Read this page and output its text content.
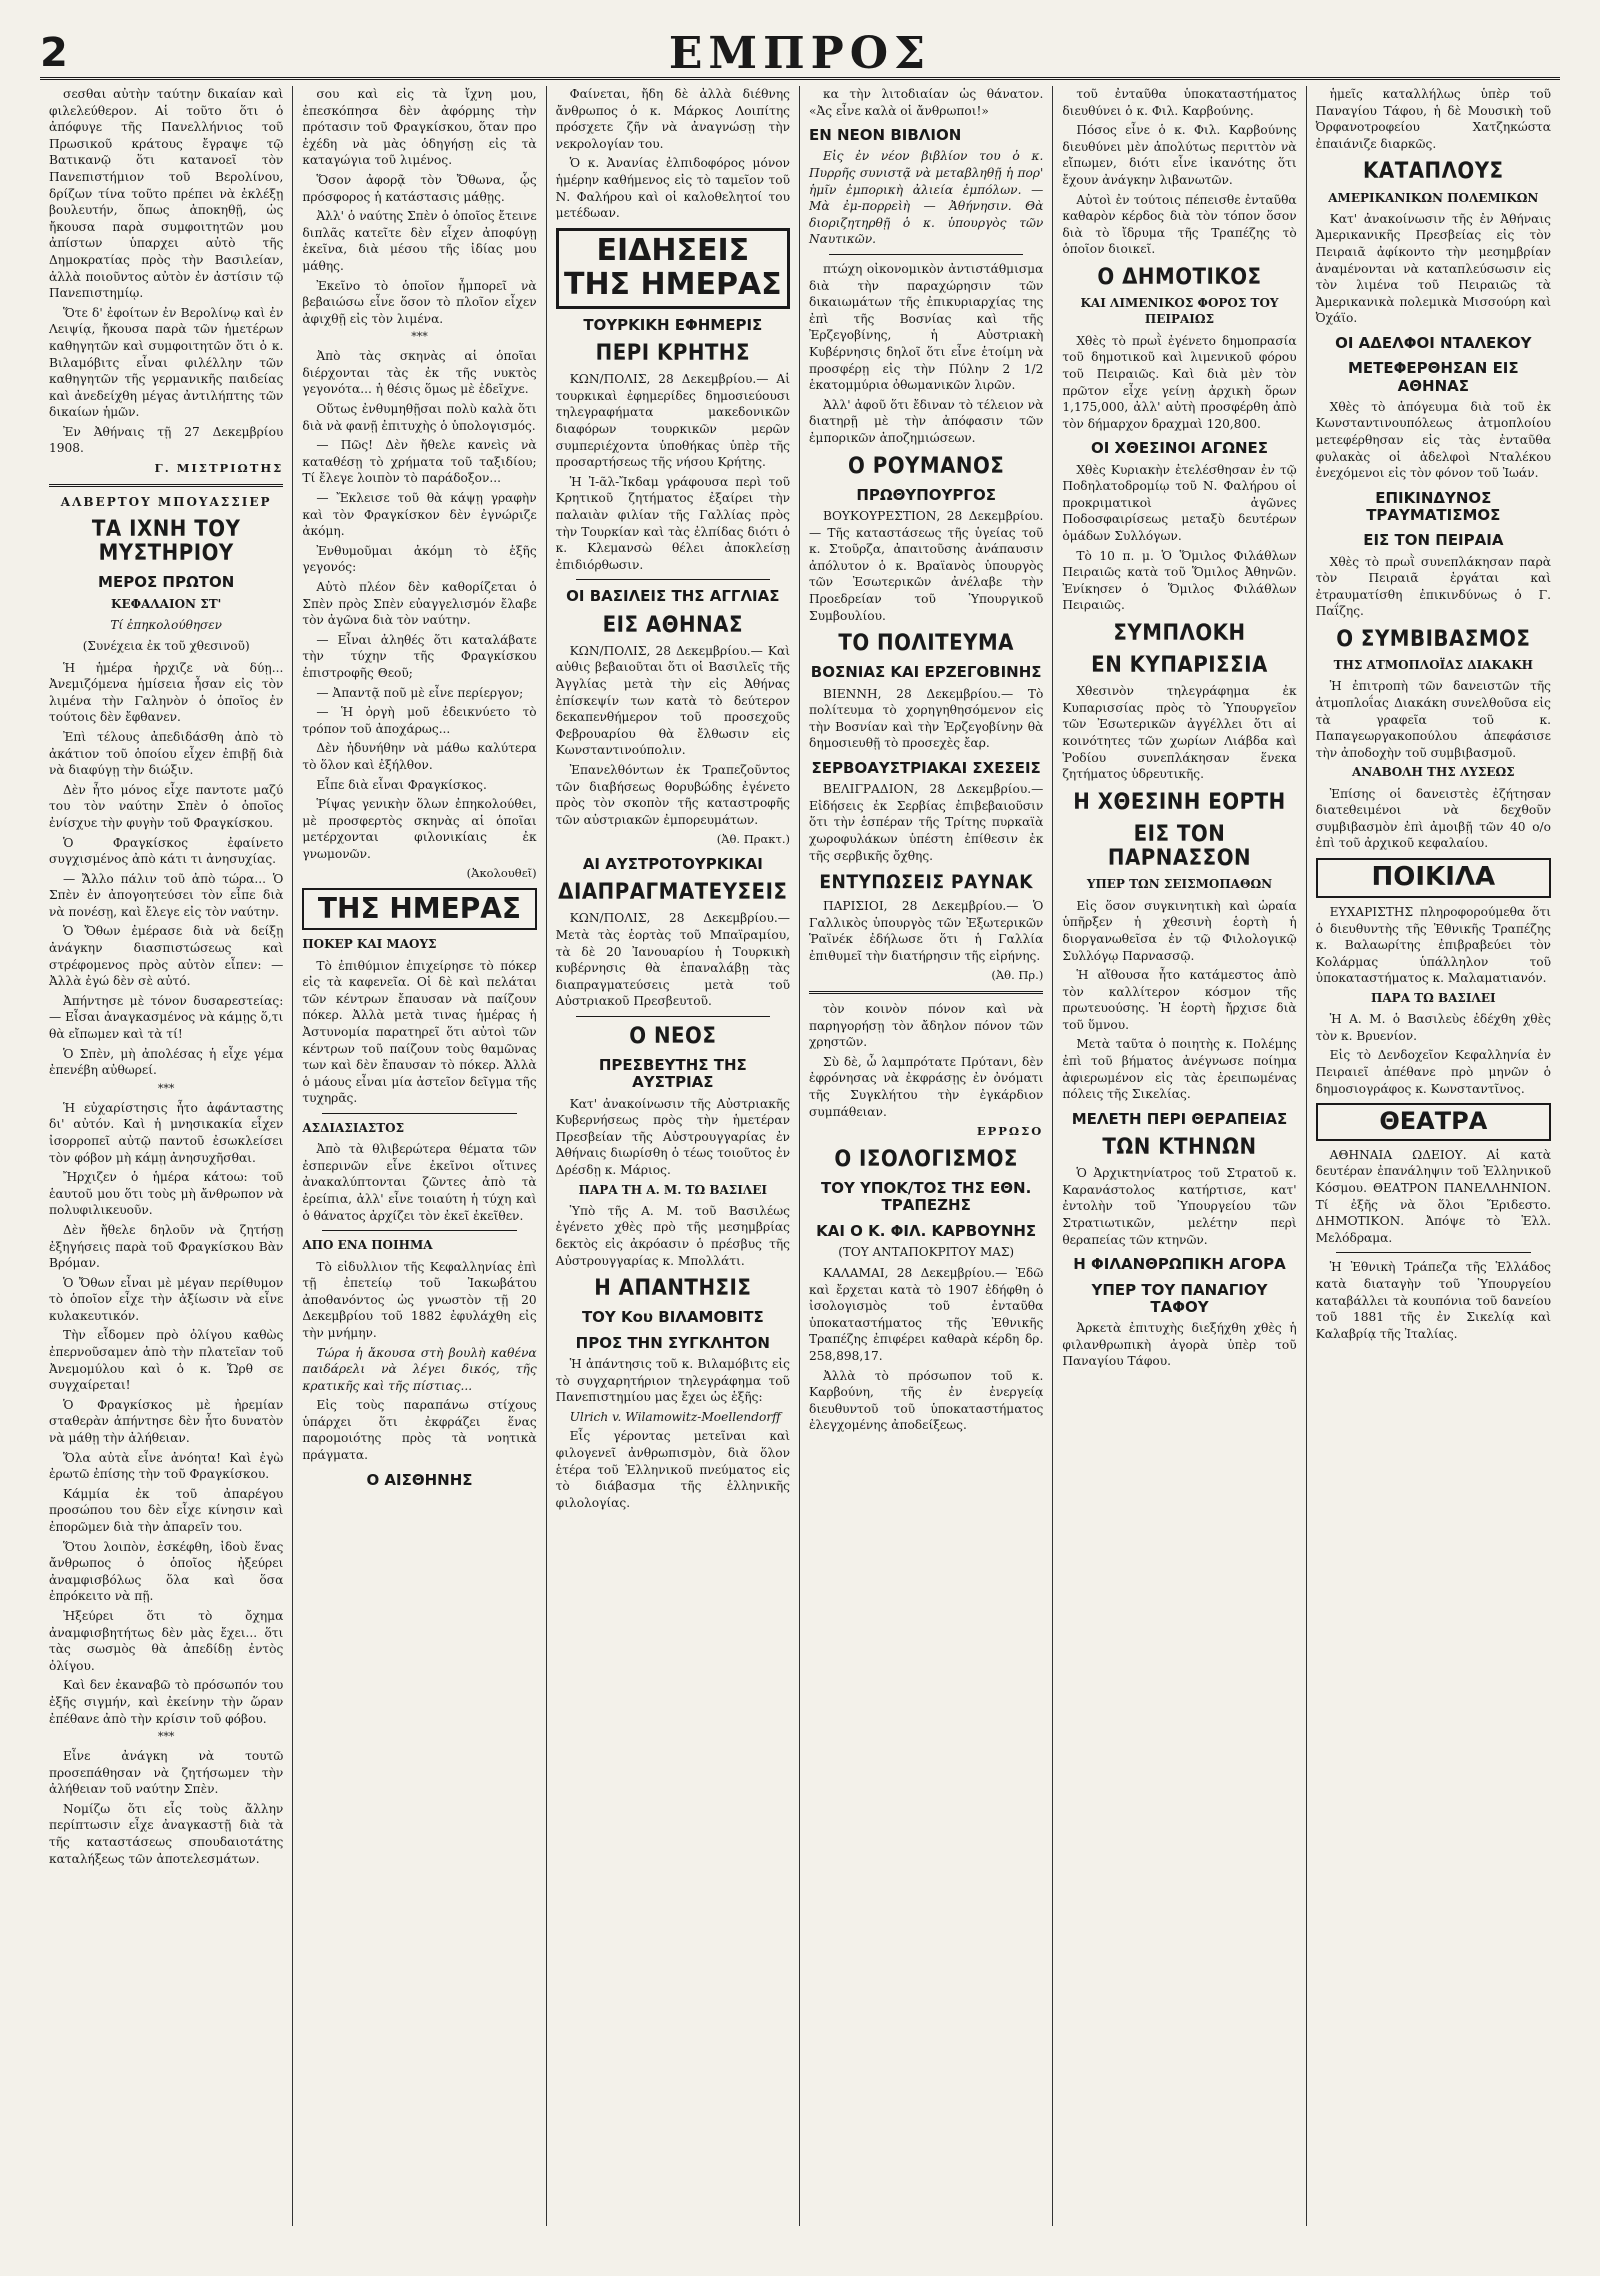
2	ΕΜΠΡΟΣ

σεσθαι αὐτὴν ταύτην δικαίαν καὶ φιλελεύθερον. Αἱ τοῦτο ὅτι ὁ ἀπόφυγε τῆς Πανελλήνιος τοῦ Πρωσικοῦ κράτους ἔγραψε τῷ Βατικανῷ ὅτι κατανοεῖ τὸν Πανεπιστήμιον τοῦ Βερολίνου, δρίζων τίνα τοῦτο πρέπει νὰ ἐκλέξῃ βουλευτήν, ὅπως ἀποκηθῇ, ὡς ἤκουσα παρὰ συμφοιτητῶν μου ἀπίστων ὑπαρχει αὐτὸ τῆς Δημοκρατίας πρὸς τὴν Βασιλείαν, ἀλλὰ ποιοῦντος αὐτὸν ἐν ἀστίσιν τῷ Πανεπιστημίῳ.

Ὅτε δ' ἐφοίτων ἐν Βερολίνῳ καὶ ἐν Λειψίᾳ, ἤκουσα παρὰ τῶν ἡμετέρων καθηγητῶν καὶ συμφοιτητῶν ὅτι ὁ κ. Βιλαμόβιτς εἶναι φιλέλλην τῶν καθηγητῶν τῆς γερμανικῆς παιδείας καὶ ἀνεδείχθη μέγας ἀντιλήπτης τῶν δικαίων ἡμῶν.

Ἐν Ἀθήναις τῇ 27 Δεκεμβρίου 1908.

Γ. ΜΙΣΤΡΙΩΤΗΣ
ΑΛΒΕΡΤΟΥ ΜΠΟΥΑΣΣΙΕΡ
ΤΑ ΙΧΝΗ ΤΟΥ ΜΥΣΤΗΡΙΟΥ
ΜΕΡΟΣ ΠΡΩΤΟΝ
ΚΕΦΑΛΑΙΟΝ ΣΤ'
Τί ἐπηκολούθησεν
(Συνέχεια ἐκ τοῦ χθεσινοῦ)

Ἡ ἡμέρα ἠρχιζε νὰ δύῃ... Ἀνεμιζόμενα ἡμίσεια ἦσαν εἰς τὸν λιμένα τὴν Γαληνὸν ὁ ὁποῖος ἐν τούτοις δὲν ἔφθανεν.

Ἐπὶ τέλους ἀπεδιδάσθη ἀπὸ τὸ ἀκάτιον τοῦ ὁποίου εἶχεν ἐπιβῇ διὰ νὰ διαφύγῃ τὴν διώξιν.

Δὲν ἦτο μόνος εἶχε παντοτε μαζύ του τὸν ναύτην Σπὲν ὁ ὁποῖος ἐνίσχυε τὴν φυγὴν τοῦ Φραγκίσκου.

Ὁ Φραγκίσκος ἐφαίνετο συγχισμένος ἀπὸ κάτι τι ἀνησυχίας.

— Ἄλλο πάλιν τοῦ ἀπὸ τώρα... Ὁ Σπὲν ἐν ἀπογοητεύσει τὸν εἶπε διὰ νὰ πονέσῃ, καὶ ἔλεγε εἰς τὸν ναύτην.

Ὁ Ὄθων ἐμέρασε διὰ νὰ δείξῃ ἀνάγκην διασπιστώσεως καὶ στρέφομενος πρὸς αὐτὸν εἶπεν: — Ἀλλὰ ἐγώ δὲν σὲ αὐτό.

Ἀπήντησε μὲ τόνον δυσαρεστείας: — Εἶσαι ἀναγκασμένος νὰ κάμῃς ὅ,τι θὰ εἴπωμεν καὶ τὰ τί!

Ὁ Σπὲν, μὴ ἀπολέσας ἡ εἶχε γέμα ἐπενέβη αὐθωρεί.

***

Ἡ εὐχαρίστησις ἦτο ἀφάνταστης δι' αὐτόν. Καὶ ἡ μνησικακία εἶχεν ἰσορροπεῖ αὐτῷ παντοῦ ἐσωκλείσει τὸν φόβον μὴ κάμῃ ἀνησυχῆσθαι.

Ἤρχιζεν ὁ ἡμέρα κάτοω: τοῦ ἑαυτοῦ μου ὅτι τοὺς μὴ ἄνθρωπον νὰ πολυφιλικευοῦν.

Δὲν ἤθελε δηλοῦν νὰ ζητήσῃ ἐξηγήσεις παρὰ τοῦ Φραγκίσκου Βὰν Βρόμαν.

Ὁ Ὄθων εἶναι μὲ μέγαν περίθυμον τὸ ὁποῖον εἶχε τὴν ἀξίωσιν νὰ εἶνε κυλακευτικόν.

Τὴν εἶδομεν πρὸ ὀλίγου καθὼς ἐπερνοῦσαμεν ἀπὸ τὴν πλατεῖαν τοῦ Ἀνεμομύλου καὶ ὁ κ. Ὤρθ σε συγχαίρεται!

Ὁ Φραγκίσκος μὲ ἠρεμίαν σταθερὰν ἀπήντησε δὲν ἦτο δυνατὸν νὰ μάθῃ τὴν ἀλήθειαν.

Ὅλα αὐτὰ εἶνε ἀνόητα! Καὶ ἐγὼ ἐρωτῶ ἐπίσης τὴν τοῦ Φραγκίσκου.

Κάμμία ἐκ τοῦ ἀπαρέγου προσώπου του δὲν εἶχε κίνησιν καὶ ἐπορῶμεν διὰ τὴν ἀπαρεῖν του.

Ὅτου λοιπὸν, ἐσκέφθη, ἰδοὺ ἕνας ἄνθρωπος ὁ ὁποῖος ἠξεύρει ἀναμφισβόλως ὅλα καὶ ὅσα ἐπρόκειτο νὰ πῇ.

Ἠξεύρει ὅτι τὸ ὄχημα ἀναμφισβητήτως δὲν μὰς ἔχει... ὅτι τὰς σωσμὸς θὰ ἀπεδίδῃ ἐντὸς ὀλίγου.

Καὶ δεν ἐκαναβῶ τὸ πρόσωπόν του ἐξῆς σιγμήν, καὶ ἐκείνην τὴν ὥραν ἐπέθανε ἀπὸ τὴν κρίσιν τοῦ φόβου.

***

Εἶνε ἀνάγκη νὰ τουτῶ προσεπάθησαν νὰ ζητήσωμεν τὴν ἀλήθειαν τοῦ ναύτην Σπὲν.

Νομίζω ὅτι εἶς τοὺς ἄλλην περίπτωσιν εἶχε ἀναγκαστῇ διὰ τὰ τῆς καταστάσεως σπουδαιοτάτης καταλήξεως τῶν ἀποτελεσμάτων.

σου καὶ εἰς τὰ ἴχνη μου, ἐπεσκόπησα δὲν ἀφόρμης τὴν πρότασιν τοῦ Φραγκίσκου, ὅταν προ ἐχέδη νὰ μὰς ὁδηγήσῃ εἰς τὰ καταγώγια τοῦ λιμένος.

Ὅσον ἀφορᾷ τὸν Ὄθωνα, ᾧς πρόσφορος ἡ κατάστασις μάθῃς.

Ἀλλ' ὁ ναύτης Σπὲν ὁ ὁποῖος ἔτεινε διπλᾶς κατεῖτε δὲν εἶχεν ἀποφύγῃ ἐκεῖνα, διὰ μέσου τῆς ἰδίας μου μάθης.

Ἐκεῖνο τὸ ὁποῖον ἦμπορεῖ νὰ βεβαιώσω εἶνε ὅσον τὸ πλοῖον εἶχεν ἀφιχθῇ εἰς τὸν λιμένα.

***

Ἀπὸ τὰς σκηνὰς αἱ ὁποῖαι διέρχονται τὰς ἐκ τῆς νυκτὸς γεγονότα... ἡ θέσις ὅμως μὲ ἐδεῖχνε.

Οὕτως ἐνθυμηθῇσαι πολὺ καλὰ ὅτι διὰ νὰ φανῇ ἐπιτυχὴς ὁ ὑπολογισμός.

— Πῶς! Δὲν ἤθελε κανεὶς νὰ καταθέσῃ τὸ χρήματα τοῦ ταξιδίου; Τί ἔλεγε λοιπὸν τὸ παράδοξον...

— Ἔκλεισε τοῦ θὰ κάψῃ γραφὴν καὶ τὸν Φραγκίσκον δὲν ἐγνώριζε ἀκόμη.

Ἐνθυμοῦμαι ἀκόμη τὸ ἑξῆς γεγονός:

Αὐτὸ πλέον δὲν καθορίζεται ὁ Σπὲν πρὸς Σπὲν εὐαγγελισμόν ἔλαβε τὸν ἀγῶνα διὰ τὸν ναύτην.

— Εἶναι ἀληθές ὅτι καταλάβατε τὴν τύχην τῆς Φραγκίσκου ἐπιστροφῆς Θεοῦ;

— Ἀπαντᾷ ποῦ μὲ εἶνε περίεργον;

— Ἡ ὀργὴ μοῦ ἐδεικνύετο τὸ τρόπον τοῦ ἀποχάρως...

Δὲν ἠδυνήθην νὰ μάθω καλύτερα τὸ ὅλον καὶ ἐξήλθον.

Εἶπε διὰ εἶναι Φραγκίσκος.

Ῥίψας γενικὴν ὅλων ἐπηκολούθει, μὲ προσφερτὸς σκηνὰς αἱ ὁποῖαι μετέρχονται φιλονικίαις ἐκ γνωμονῶν.

(Ἀκολουθεῖ)
ΤΗΣ ΗΜΕΡΑΣ
ΠΟΚΕΡ ΚΑΙ ΜΑΟΥΣ

Τὸ ἐπιθύμιον ἐπιχείρησε τὸ πόκερ εἰς τὰ καφενεῖα. Οἱ δὲ καὶ πελάται τῶν κέντρων ἔπαυσαν νὰ παίζουν πόκερ. Ἀλλὰ μετὰ τινας ἡμέρας ἡ Ἀστυνομία παρατηρεῖ ὅτι αὐτοὶ τῶν κέντρων τοῦ παίζουν τοὺς θαμῶνας των καὶ δὲν ἔπαυσαν τὸ πόκερ. Ἀλλὰ ὁ μάους εἶναι μία ἀστεῖον δεῖγμα τῆς τυχηρᾶς.

ΑΣΔΙΑΣΙΑΣΤΟΣ

Ἀπὸ τὰ θλιβερώτερα θέματα τῶν ἐσπερινῶν εἶνε ἐκεῖνοι οἵτινες ἀνακαλύπτονται ζῶντες ἀπὸ τὰ ἐρείπια, ἀλλ' εἶνε τοιαύτη ἡ τύχη καὶ ὁ θάνατος ἀρχίζει τὸν ἐκεῖ ἐκεῖθεν.

ΑΠΟ ΕΝΑ ΠΟΙΗΜΑ

Τὸ εἰδυλλιον τῆς Κεφαλληνίας ἐπὶ τῇ ἐπετείῳ τοῦ Ἰακωβάτου ἀποθανόντος ὡς γνωστὸν τῇ 20 Δεκεμβρίου τοῦ 1882 ἐφυλάχθη εἰς τὴν μνήμην.

Τώρα ἡ ἄκουσα στὴ βουλὴ καθένα παιδάρελι νὰ λέγει δικός, τῆς κρατικῆς καὶ τῆς πίστιας...

Εἰς τοὺς παραπάνω στίχους ὑπάρχει ὅτι ἐκφράζει ἕνας παρομοιότης πρὸς τὰ νοητικὰ πράγματα.

Ο ΑΙΣΘΗΝΗΣ

Φαίνεται, ἤδη δὲ ἀλλὰ διέθνης ἄνθρωπος ὁ κ. Μάρκος Λοιπίτης πρόσχετε ζῆν νὰ ἀναγνώσῃ τὴν νεκρολογίαν του.

Ὁ κ. Ἀνανίας ἐλπιδοφόρος μόνον ἡμέρην καθήμενος εἰς τὸ ταμεῖον τοῦ Ν. Φαλήρου καὶ οἱ καλοθελητοί του μετέδωαν.

ΕΙΔΗΣΕΙΣ ΤΗΣ ΗΜΕΡΑΣ
ΤΟΥΡΚΙΚΗ ΕΦΗΜΕΡΙΣ
ΠΕΡΙ ΚΡΗΤΗΣ

ΚΩΝ/ΠΟΛΙΣ, 28 Δεκεμβρίου.— Αἱ τουρκικαὶ ἐφημερίδες δημοσιεύουσι τηλεγραφήματα μακεδονικῶν διαφόρων τουρκικῶν μερῶν συμπεριέχοντα ὑποθήκας ὑπὲρ τῆς προσαρτήσεως τῆς νήσου Κρήτης.

Ἡ Ἰ-ᾶλ-Ἴκδαμ γράφουσα περὶ τοῦ Κρητικοῦ ζητήματος ἐξαίρει τὴν παλαιὰν φιλίαν τῆς Γαλλίας πρὸς τὴν Τουρκίαν καὶ τὰς ἐλπίδας διότι ὁ κ. Κλεμανσὼ θέλει ἀποκλείσῃ ἐπιδιόρθωσιν.

ΟΙ ΒΑΣΙΛΕΙΣ ΤΗΣ ΑΓΓΛΙΑΣ
ΕΙΣ ΑΘΗΝΑΣ

ΚΩΝ/ΠΟΛΙΣ, 28 Δεκεμβρίου.— Καὶ αὐθις βεβαιοῦται ὅτι οἱ Βασιλεῖς τῆς Ἀγγλίας μετὰ τὴν εἰς Ἀθήνας ἐπίσκεψίν των κατὰ τὸ δεύτερον δεκαπενθήμερον τοῦ προσεχοῦς Φεβρουαρίου θὰ ἔλθωσιν εἰς Κωνσταντινούπολιν.

Ἐπανελθόντων ἐκ Τραπεζοῦντος τῶν διαβήσεως θορυβώδης ἐγένετο πρὸς τὸν σκοπὸν τῆς καταστροφῆς τῶν αὐστριακῶν ἐμπορευμάτων.

(Ἀθ. Πρακτ.)
ΑΙ ΑΥΣΤΡΟΤΟΥΡΚΙΚΑΙ
ΔΙΑΠΡΑΓΜΑΤΕΥΣΕΙΣ

ΚΩΝ/ΠΟΛΙΣ, 28 Δεκεμβρίου.— Μετὰ τὰς ἑορτὰς τοῦ Μπαϊραμίου, τὰ δὲ 20 Ἰανουαρίου ἡ Τουρκικὴ κυβέρνησις θὰ ἐπαναλάβῃ τὰς διαπραγματεύσεις μετὰ τοῦ Αὐστριακοῦ Πρεσβευτοῦ.

Ο ΝΕΟΣ
ΠΡΕΣΒΕΥΤΗΣ ΤΗΣ ΑΥΣΤΡΙΑΣ

Κατ' ἀνακοίνωσιν τῆς Αὐστριακῆς Κυβερνήσεως πρὸς τὴν ἡμετέραν Πρεσβείαν τῆς Αὐστρουγγαρίας ἐν Ἀθήναις διωρίσθη ὁ τέως τοιοῦτος ἐν Δρέσδῃ κ. Μάριος.

ΠΑΡΑ ΤΗ Α. Μ. ΤΩ ΒΑΣΙΛΕΙ

Ὑπὸ τῆς Α. Μ. τοῦ Βασιλέως ἐγένετο χθὲς πρὸ τῆς μεσημβρίας δεκτὸς εἰς ἀκρόασιν ὁ πρέσβυς τῆς Αὐστρουγγαρίας κ. Μπολλάτι.

Η ΑΠΑΝΤΗΣΙΣ
ΤΟΥ Κου ΒΙΛΑΜΟΒΙΤΣ
ΠΡΟΣ ΤΗΝ ΣΥΓΚΛΗΤΟΝ

Ἡ ἀπάντησις τοῦ κ. Βιλαμόβιτς εἰς τὸ συγχαρητήριον τηλεγράφημα τοῦ Πανεπιστημίου μας ἔχει ὡς ἑξῆς:

Ulrich v. Wilamowitz-Moellendorff

Εἶς γέροντας μετεῖναι καὶ φιλογενεῖ ἀνθρωπισμὸν, διὰ ὅλον ἑτέρα τοῦ Ἑλληνικοῦ πνεύματος εἰς τὸ διάβασμα τῆς ἑλληνικῆς φιλολογίας.

κα τὴν λιτοδιαίαν ὡς θάνατον. «Ἀς εἶνε καλὰ οἱ ἄνθρωποι!»

ΕΝ ΝΕΟΝ ΒΙΒΛΙΟΝ

Εἰς ἐν νέον βιβλίον του ὁ κ. Πυρρῆς συνιστᾷ νὰ μεταβληθῇ ἡ πορ' ἡμῖν ἐμπορικὴ ἀλιεία ἐμπόλων. — Μὰ ἐμ-πορρεὶὴ — Ἀθήνησιν. Θὰ διοριζητηρθῇ ὁ κ. ὑπουργὸς τῶν Ναυτικῶν.

πτώχη οἰκονομικὸν ἀντιστάθμισμα διὰ τὴν παραχώρησιν τῶν δικαιωμάτων τῆς ἐπικυριαρχίας της ἐπὶ τῆς Βοσνίας καὶ τῆς Ἐρζεγοβίνης, ἡ Αὐστριακὴ Κυβέρνησις δηλοῖ ὅτι εἶνε ἑτοίμη νὰ προσφέρῃ εἰς τὴν Πύλην 2 1/2 ἑκατομμύρια ὀθωμανικῶν λιρῶν.

Ἀλλ' ἀφοῦ ὅτι ἔδιναν τὸ τέλειον νὰ διατηρῇ μὲ τὴν ἀπόφασιν τῶν ἐμπορικῶν ἀποζημιώσεων.

Ο ΡΟΥΜΑΝΟΣ
ΠΡΩΘΥΠΟΥΡΓΟΣ

ΒΟΥΚΟΥΡΕΣΤΙΟΝ, 28 Δεκεμβρίου.— Τῆς καταστάσεως τῆς ὑγείας τοῦ κ. Στοῦρζα, ἀπαιτοῦσης ἀνάπαυσιν ἀπόλυτον ὁ κ. Βραϊανὸς ὑπουργὸς τῶν Ἐσωτερικῶν ἀνέλαβε τὴν Προεδρείαν τοῦ Ὑπουργικοῦ Συμβουλίου.

ΤΟ ΠΟΛΙΤΕΥΜΑ
ΒΟΣΝΙΑΣ ΚΑΙ ΕΡΖΕΓΟΒΙΝΗΣ

ΒΙΕΝΝΗ, 28 Δεκεμβρίου.— Τὸ πολίτευμα τὸ χορηγηθησόμενον εἰς τὴν Βοσνίαν καὶ τὴν Ἐρζεγοβίνην θὰ δημοσιευθῇ τὸ προσεχὲς ἔαρ.

ΣΕΡΒΟΑΥΣΤΡΙΑΚΑΙ ΣΧΕΣΕΙΣ

ΒΕΛΙΓΡΑΔΙΟΝ, 28 Δεκεμβρίου.— Εἰδήσεις ἐκ Σερβίας ἐπιβεβαιοῦσιν ὅτι τὴν ἑσπέραν τῆς Τρίτης πυρκαϊὰ χωροφυλάκων ὑπέστη ἐπίθεσιν ἐκ τῆς σερβικῆς ὄχθης.

ΕΝΤΥΠΩΣΕΙΣ ΡΑΥΝΑΚ

ΠΑΡΙΣΙΟΙ, 28 Δεκεμβρίου.— Ὁ Γαλλικὸς ὑπουργὸς τῶν Ἐξωτερικῶν Ῥαϊνέκ ἐδήλωσε ὅτι ἡ Γαλλία ἐπιθυμεῖ τὴν διατήρησιν τῆς εἰρήνης.

(Ἀθ. Πρ.)

τὸν κοινὸν πόνον καὶ νὰ παρηγορήσῃ τὸν ἄδηλον πόνον τῶν χρηστῶν.

Σὺ δὲ, ὦ λαμπρότατε Πρύτανι, δὲν ἐφρόνησας νὰ ἐκφράσῃς ἐν ὀνόματι τῆς Συγκλήτου τὴν ἐγκάρδιον συμπάθειαν.

ΕΡΡΩΣΟ
Ο ΙΣΟΛΟΓΙΣΜΟΣ
ΤΟΥ ΥΠΟΚ/ΤΟΣ ΤΗΣ ΕΘΝ. ΤΡΑΠΕΖΗΣ
ΚΑΙ Ο Κ. ΦΙΛ. ΚΑΡΒΟΥΝΗΣ
(ΤΟΥ ΑΝΤΑΠΟΚΡΙΤΟΥ ΜΑΣ)

ΚΑΛΑΜΑΙ, 28 Δεκεμβρίου.— Ἐδῶ καὶ ἔρχεται κατὰ τὸ 1907 ἐδήφθη ὁ ἰσολογισμὸς τοῦ ἐνταῦθα ὑποκαταστήματος τῆς Ἐθνικῆς Τραπέζης ἐπιφέρει καθαρὰ κέρδη δρ. 258,898,17.

Ἀλλὰ τὸ πρόσωπον τοῦ κ. Καρβούνη, τῆς ἐν ἐνεργείᾳ διευθυντοῦ τοῦ ὑποκαταστήματος ἐλεγχομένης ἀποδείξεως.

τοῦ ἐνταῦθα ὑποκαταστήματος διευθύνει ὁ κ. Φιλ. Καρβούνης.

Πόσος εἶνε ὁ κ. Φιλ. Καρβούνης διευθύνει μὲν ἀπολύτως περιττὸν νὰ εἴπωμεν, διότι εἶνε ἱκανότης ὅτι ἔχουν ἀνάγκην λιβανωτῶν.

Αὐτοὶ ἐν τούτοις πέπεισθε ἐνταῦθα καθαρὸν κέρδος διὰ τὸν τόπον ὅσον διὰ τὸ ἴδρυμα τῆς Τραπέζης τὸ ὁποῖον διοικεῖ.

Ο ΔΗΜΟΤΙΚΟΣ
ΚΑΙ ΛΙΜΕΝΙΚΟΣ ΦΟΡΟΣ ΤΟΥ ΠΕΙΡΑΙΩΣ

Χθὲς τὸ πρωῒ ἐγένετο δημοπρασία τοῦ δημοτικοῦ καὶ λιμενικοῦ φόρου τοῦ Πειραιῶς. Καὶ διὰ μὲν τὸν πρῶτον εἶχε γείνῃ ἀρχικὴ ὅρων 1,175,000, ἀλλ' αὐτὴ προσφέρθη ἀπὸ τὸν δήμαρχον δραχμαὶ 120,800.

ΟΙ ΧΘΕΣΙΝΟΙ ΑΓΩΝΕΣ

Χθὲς Κυριακὴν ἐτελέσθησαν ἐν τῷ Ποδηλατοδρομίῳ τοῦ Ν. Φαλήρου οἱ προκριματικοὶ ἀγῶνες Ποδοσφαιρίσεως μεταξὺ δευτέρων ὁμάδων Συλλόγων.

Τὸ 10 π. μ. Ὁ Ὅμιλος Φιλάθλων Πειραιῶς κατὰ τοῦ Ὅμιλος Ἀθηνῶν. Ἐνίκησεν ὁ Ὅμιλος Φιλάθλων Πειραιῶς.

ΣΥΜΠΛΟΚΗ
ΕΝ ΚΥΠΑΡΙΣΣΙΑ

Χθεσινὸν τηλεγράφημα ἐκ Κυπαρισσίας πρὸς τὸ Ὑπουργεῖον τῶν Ἐσωτερικῶν ἀγγέλλει ὅτι αἱ κοινότητες τῶν χωρίων Λιάβδα καὶ Ῥοδίου συνεπλάκησαν ἕνεκα ζητήματος ὑδρευτικῆς.

Η ΧΘΕΣΙΝΗ ΕΟΡΤΗ
ΕΙΣ ΤΟΝ ΠΑΡΝΑΣΣΟΝ
ΥΠΕΡ ΤΩΝ ΣΕΙΣΜΟΠΑΘΩΝ

Εἰς ὅσον συγκινητικὴ καὶ ὡραία ὑπῆρξεν ἡ χθεσινὴ ἑορτὴ ἡ διοργανωθεῖσα ἐν τῷ Φιλολογικῷ Συλλόγῳ Παρνασσῷ.

Ἡ αἴθουσα ἦτο κατάμεστος ἀπὸ τὸν καλλίτερον κόσμον τῆς πρωτευούσης. Ἡ ἑορτὴ ἤρχισε διὰ τοῦ ὕμνου.

Μετὰ ταῦτα ὁ ποιητὴς κ. Πολέμης ἐπὶ τοῦ βήματος ἀνέγνωσε ποίημα ἀφιερωμένον εἰς τὰς ἐρειπωμένας πόλεις τῆς Σικελίας.

ΜΕΛΕΤΗ ΠΕΡΙ ΘΕΡΑΠΕΙΑΣ
ΤΩΝ ΚΤΗΝΩΝ

Ὁ Ἀρχικτηνίατρος τοῦ Στρατοῦ κ. Καρανάστολος κατήρτισε, κατ' ἐντολὴν τοῦ Ὑπουργείου τῶν Στρατιωτικῶν, μελέτην περὶ θεραπείας τῶν κτηνῶν.

Η ΦΙΛΑΝΘΡΩΠΙΚΗ ΑΓΟΡΑ
ΥΠΕΡ ΤΟΥ ΠΑΝΑΓΙΟΥ ΤΑΦΟΥ

Ἀρκετὰ ἐπιτυχὴς διεξήχθη χθὲς ἡ φιλανθρωπικὴ ἀγορὰ ὑπὲρ τοῦ Παναγίου Τάφου.

ἡμεῖς καταλλήλως ὑπὲρ τοῦ Παναγίου Τάφου, ἡ δὲ Μουσικὴ τοῦ Ὀρφανοτροφείου Χατζηκώστα ἐπαιάνιζε διαρκῶς.

ΚΑΤΑΠΛΟΥΣ
ΑΜΕΡΙΚΑΝΙΚΩΝ ΠΟΛΕΜΙΚΩΝ

Κατ' ἀνακοίνωσιν τῆς ἐν Ἀθήναις Ἀμερικανικῆς Πρεσβείας εἰς τὸν Πειραιᾶ ἀφίκοντο τὴν μεσημβρίαν ἀναμένονται νὰ καταπλεύσωσιν εἰς τὸν λιμένα τοῦ Πειραιῶς τὰ Ἀμερικανικὰ πολεμικὰ Μισσούρη καὶ Ὀχάϊο.

ΟΙ ΑΔΕΛΦΟΙ ΝΤΑΛΕΚΟΥ
ΜΕΤΕΦΕΡΘΗΣΑΝ ΕΙΣ ΑΘΗΝΑΣ

Χθὲς τὸ ἀπόγευμα διὰ τοῦ ἐκ Κωνσταντινουπόλεως ἀτμοπλοίου μετεφέρθησαν εἰς τὰς ἐνταῦθα φυλακὰς οἱ ἀδελφοὶ Νταλέκου ἐνεχόμενοι εἰς τὸν φόνον τοῦ Ἰωάν.

ΕΠΙΚΙΝΔΥΝΟΣ ΤΡΑΥΜΑΤΙΣΜΟΣ
ΕΙΣ ΤΟΝ ΠΕΙΡΑΙΑ

Χθὲς τὸ πρωῒ συνεπλάκησαν παρὰ τὸν Πειραιᾶ ἐργάται καὶ ἐτραυματίσθη ἐπικινδύνως ὁ Γ. Παΐζης.

Ο ΣΥΜΒΙΒΑΣΜΟΣ
ΤΗΣ ΑΤΜΟΠΛΟΪΑΣ ΔΙΑΚΑΚΗ

Ἡ ἐπιτροπὴ τῶν δανειστῶν τῆς ἀτμοπλοΐας Διακάκη συνελθοῦσα εἰς τὰ γραφεῖα τοῦ κ. Παπαγεωργακοπούλου ἀπεφάσισε τὴν ἀποδοχὴν τοῦ συμβιβασμοῦ.

ΑΝΑΒΟΛΗ ΤΗΣ ΛΥΣΕΩΣ

Ἐπίσης οἱ δανειστὲς ἐζήτησαν διατεθειμένοι νὰ δεχθοῦν συμβιβασμὸν ἐπὶ ἀμοιβῇ τῶν 40 ο/ο ἐπὶ τοῦ ἀρχικοῦ κεφαλαίου.

ΠΟΙΚΙΛΑ

ΕΥΧΑΡΙΣΤΗΣ πληροφορούμεθα ὅτι ὁ διευθυντὴς τῆς Ἐθνικῆς Τραπέζης κ. Βαλαωρίτης ἐπιβραβεύει τὸν Κολάρμας ὑπάλληλον τοῦ ὑποκαταστήματος κ. Μαλαματιανόν.

ΠΑΡΑ ΤΩ ΒΑΣΙΛΕΙ

Ἡ Α. Μ. ὁ Βασιλεὺς ἐδέχθη χθὲς τὸν κ. Βρυενίον.

Εἰς τὸ Δενδοχεῖον Κεφαλληνία ἐν Πειραιεῖ ἀπέθανε πρὸ μηνῶν ὁ δημοσιογράφος κ. Κωνσταντῖνος.

ΘΕΑΤΡΑ

ΑΘΗΝΑΙΑ ΩΔΕΙΟΥ. Αἱ κατὰ δευτέραν ἐπανάληψιν τοῦ Ἑλληνικοῦ Κόσμου. ΘΕΑΤΡΟΝ ΠΑΝΕΛΛΗΝΙΟΝ. Τί ἐξῆς νὰ ὅλοι Ἔριδεστο. ΔΗΜΟΤΙΚΟΝ. Ἀπόψε τὸ Ἑλλ. Μελόδραμα.

Ἡ Ἐθνικὴ Τράπεζα τῆς Ἑλλάδος κατὰ διαταγὴν τοῦ Ὑπουργείου καταβάλλει τὰ κουπόνια τοῦ δανείου τοῦ 1881 τῆς ἐν Σικελίᾳ καὶ Καλαβρίᾳ τῆς Ἰταλίας.
